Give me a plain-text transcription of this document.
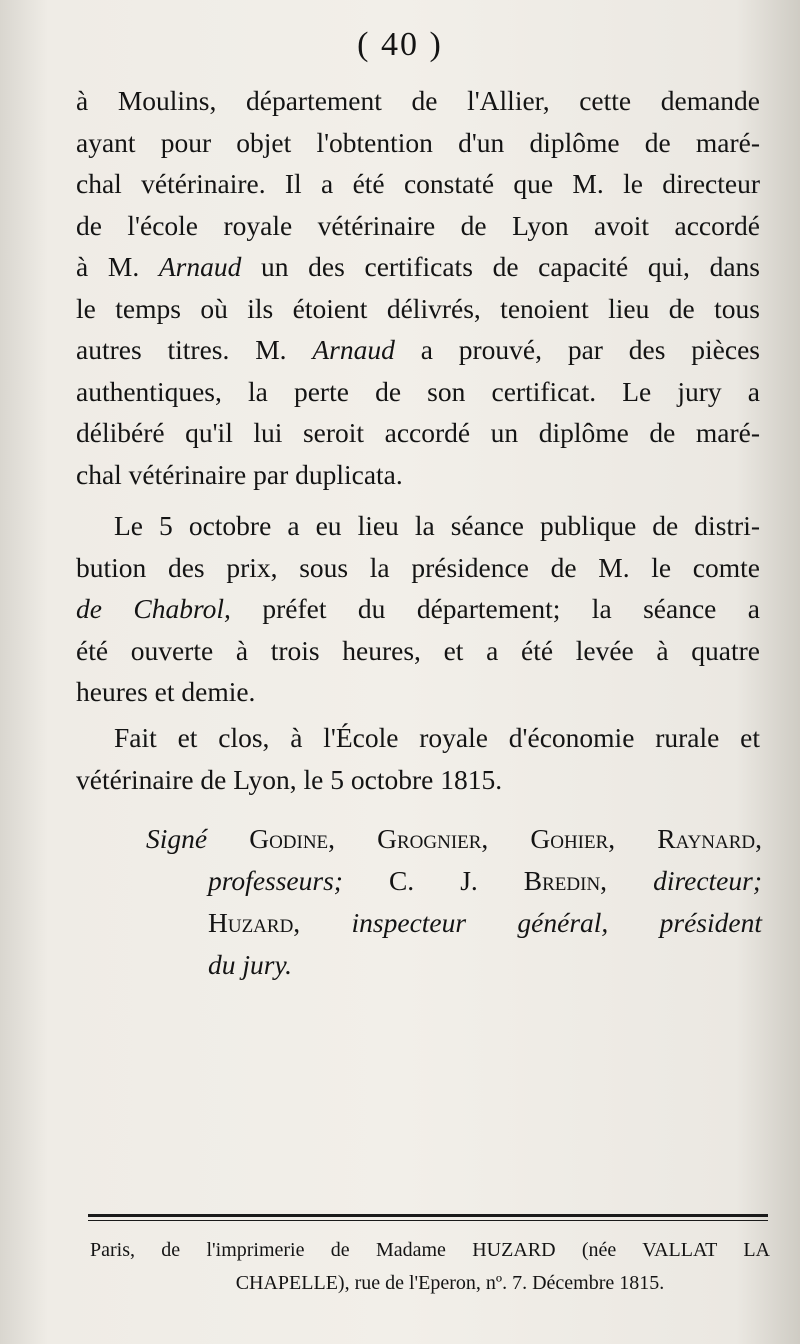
( 40 )
à Moulins, département de l'Allier, cette demande
ayant pour objet l'obtention d'un diplôme de maré-
chal vétérinaire. Il a été constaté que M. le directeur
de l'école royale vétérinaire de Lyon avoit accordé
à M. Arnaud un des certificats de capacité qui, dans
le temps où ils étoient délivrés, tenoient lieu de tous
autres titres. M. Arnaud a prouvé, par des pièces
authentiques, la perte de son certificat. Le jury a
délibéré qu'il lui seroit accordé un diplôme de maré-
chal vétérinaire par duplicata.
Le 5 octobre a eu lieu la séance publique de distri-
bution des prix, sous la présidence de M. le comte
de Chabrol, préfet du département; la séance a
été ouverte à trois heures, et a été levée à quatre
heures et demie.
Fait et clos, à l'École royale d'économie rurale et
vétérinaire de Lyon, le 5 octobre 1815.
Signé Godine, Grognier, Gohier, Raynard,
professeurs; C. J. Bredin, directeur;
Huzard, inspecteur général, président
du jury.
Paris, de l'imprimerie de Madame HUZARD (née VALLAT LA
CHAPELLE), rue de l'Eperon, nº. 7. Décembre 1815.
